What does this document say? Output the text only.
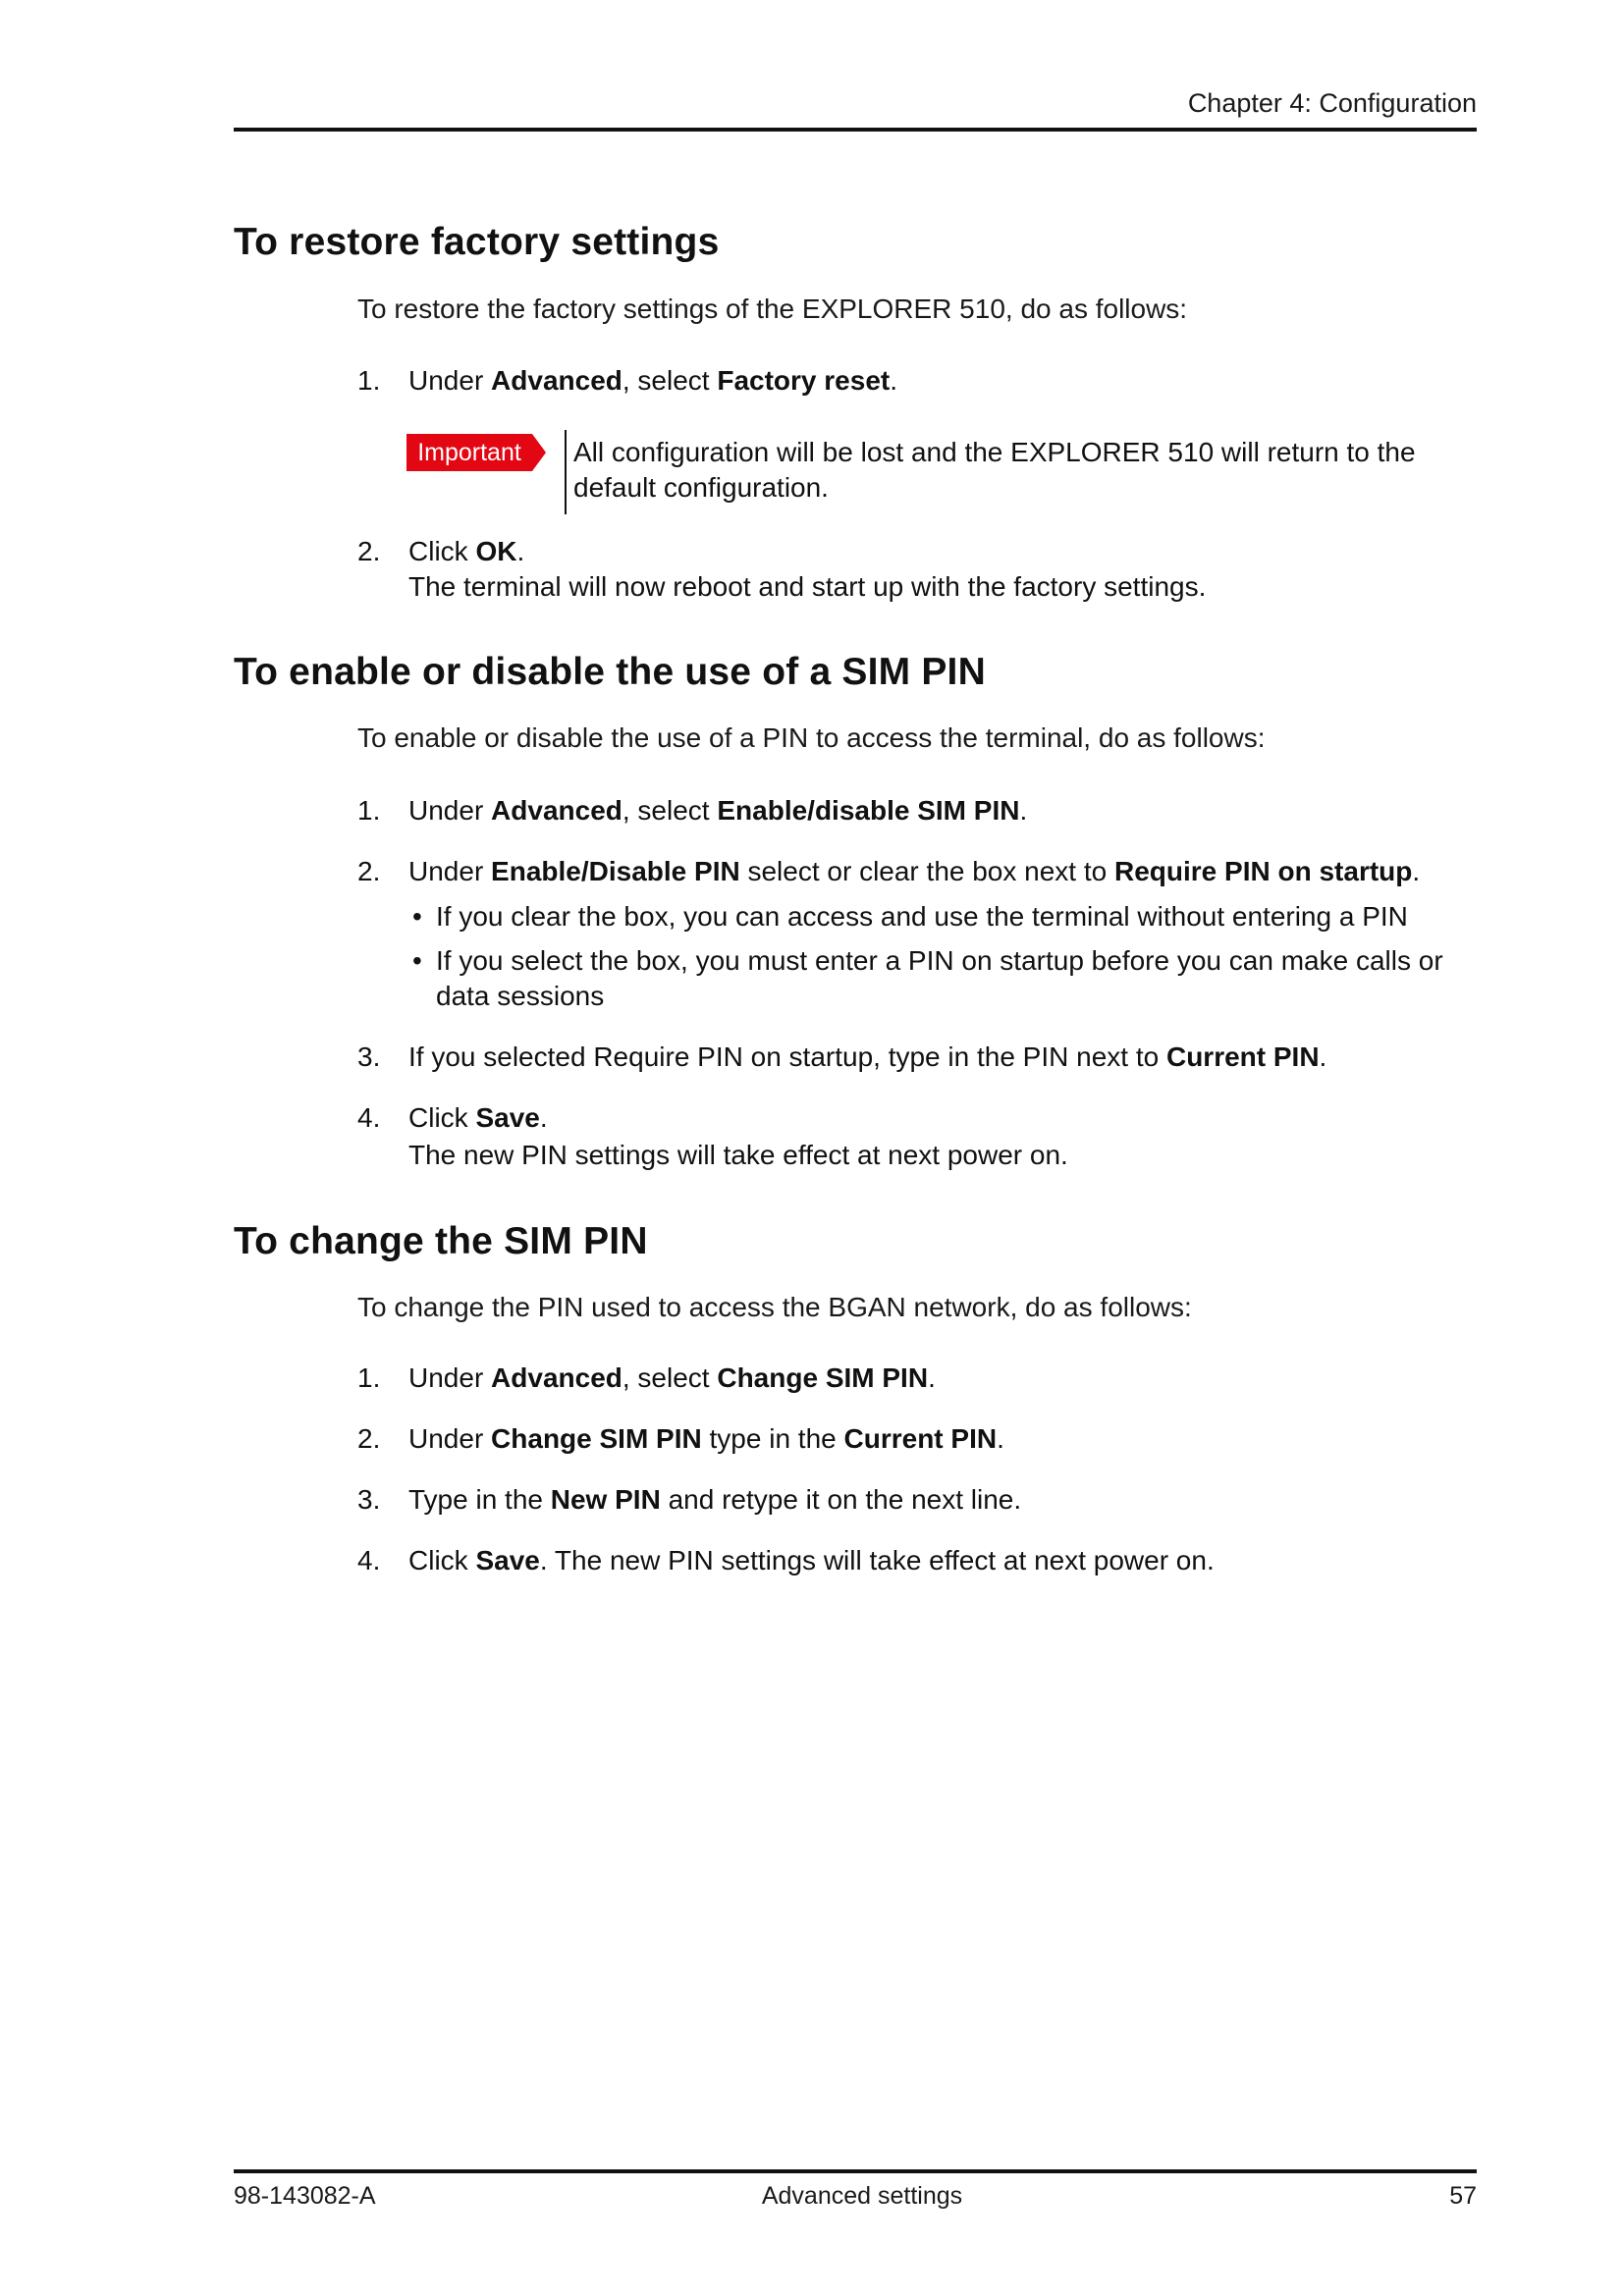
Chapter 4: Configuration
To restore factory settings
To restore the factory settings of the EXPLORER 510, do as follows:
1.	Under Advanced, select Factory reset.
Important	All configuration will be lost and the EXPLORER 510 will return to the default configuration.
2.	Click OK.
The terminal will now reboot and start up with the factory settings.
To enable or disable the use of a SIM PIN
To enable or disable the use of a PIN to access the terminal, do as follows:
1.	Under Advanced, select Enable/disable SIM PIN.
2.	Under Enable/Disable PIN select or clear the box next to Require PIN on startup.
• If you clear the box, you can access and use the terminal without entering a PIN
• If you select the box, you must enter a PIN on startup before you can make calls or data sessions
3.	If you selected Require PIN on startup, type in the PIN next to Current PIN.
4.	Click Save.
The new PIN settings will take effect at next power on.
To change the SIM PIN
To change the PIN used to access the BGAN network, do as follows:
1.	Under Advanced, select Change SIM PIN.
2.	Under Change SIM PIN type in the Current PIN.
3.	Type in the New PIN and retype it on the next line.
4.	Click Save. The new PIN settings will take effect at next power on.
98-143082-A	Advanced settings	57
